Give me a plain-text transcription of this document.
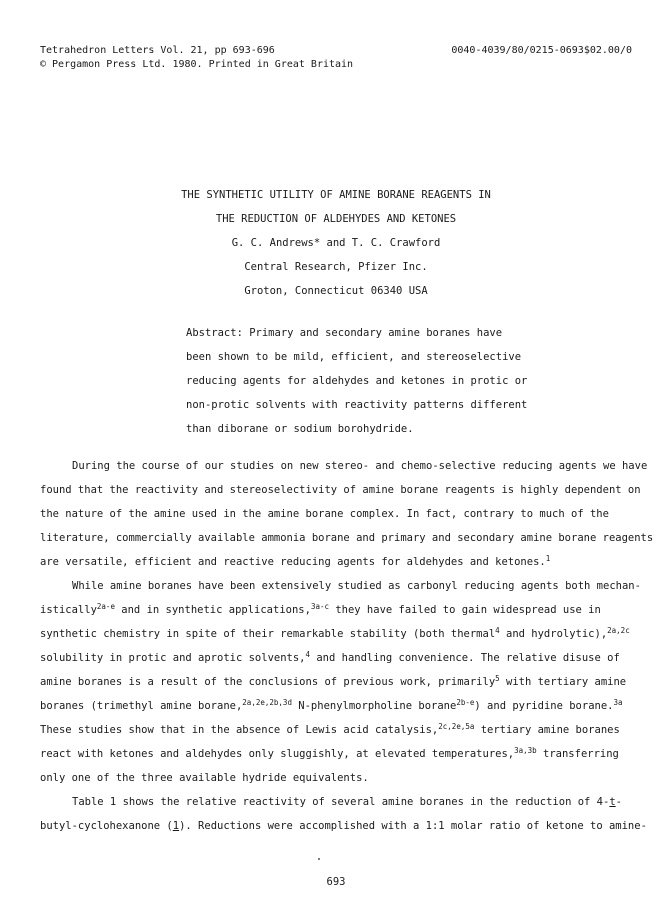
Tetrahedron Letters Vol. 21, pp 693-696
© Pergamon Press Ltd. 1980. Printed in Great Britain
0040-4039/80/0215-0693$02.00/0
THE SYNTHETIC UTILITY OF AMINE BORANE REAGENTS IN
THE REDUCTION OF ALDEHYDES AND KETONES
G. C. Andrews* and T. C. Crawford
Central Research, Pfizer Inc.
Groton, Connecticut 06340 USA
Abstract: Primary and secondary amine boranes have
been shown to be mild, efficient, and stereoselective
reducing agents for aldehydes and ketones in protic or
non-protic solvents with reactivity patterns different
than diborane or sodium borohydride.
During the course of our studies on new stereo- and chemo-selective reducing agents we have
found that the reactivity and stereoselectivity of amine borane reagents is highly dependent on
the nature of the amine used in the amine borane complex. In fact, contrary to much of the
literature, commercially available ammonia borane and primary and secondary amine borane reagents
are versatile, efficient and reactive reducing agents for aldehydes and ketones.$^1$
While amine boranes have been extensively studied as carbonyl reducing agents both mechan-
istically$^{2a-e}$ and in synthetic applications,$^{3a-c}$ they have failed to gain widespread use in
synthetic chemistry in spite of their remarkable stability (both thermal$^4$ and hydrolytic),$^{2a,2c}$
solubility in protic and aprotic solvents,$^4$ and handling convenience. The relative disuse of
amine boranes is a result of the conclusions of previous work, primarily$^5$ with tertiary amine
boranes (trimethyl amine borane,$^{2a,2e,2b,3d}$ N-phenylmorpholine borane$^{2b-e}$) and pyridine borane.$^{3a}$
These studies show that in the absence of Lewis acid catalysis,$^{2c,2e,5a}$ tertiary amine boranes
react with ketones and aldehydes only sluggishly, at elevated temperatures,$^{3a,3b}$ transferring
only one of the three available hydride equivalents.
Table 1 shows the relative reactivity of several amine boranes in the reduction of 4-t-
butyl-cyclohexanone (1). Reductions were accomplished with a 1:1 molar ratio of ketone to amine-
693
